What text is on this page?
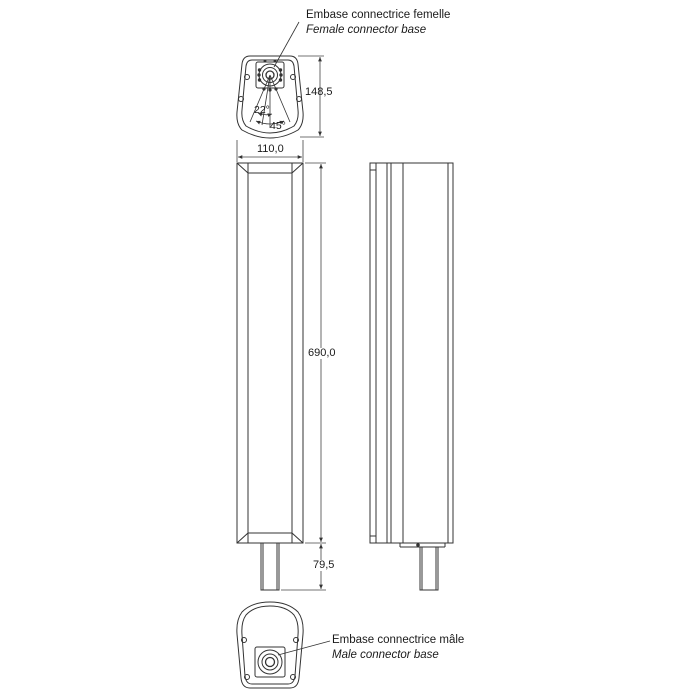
Embase connectrice femelle
Female connector base
148,5
110,0
690,0
79,5
22°
45°
Embase connectrice mâle
Male connector base
